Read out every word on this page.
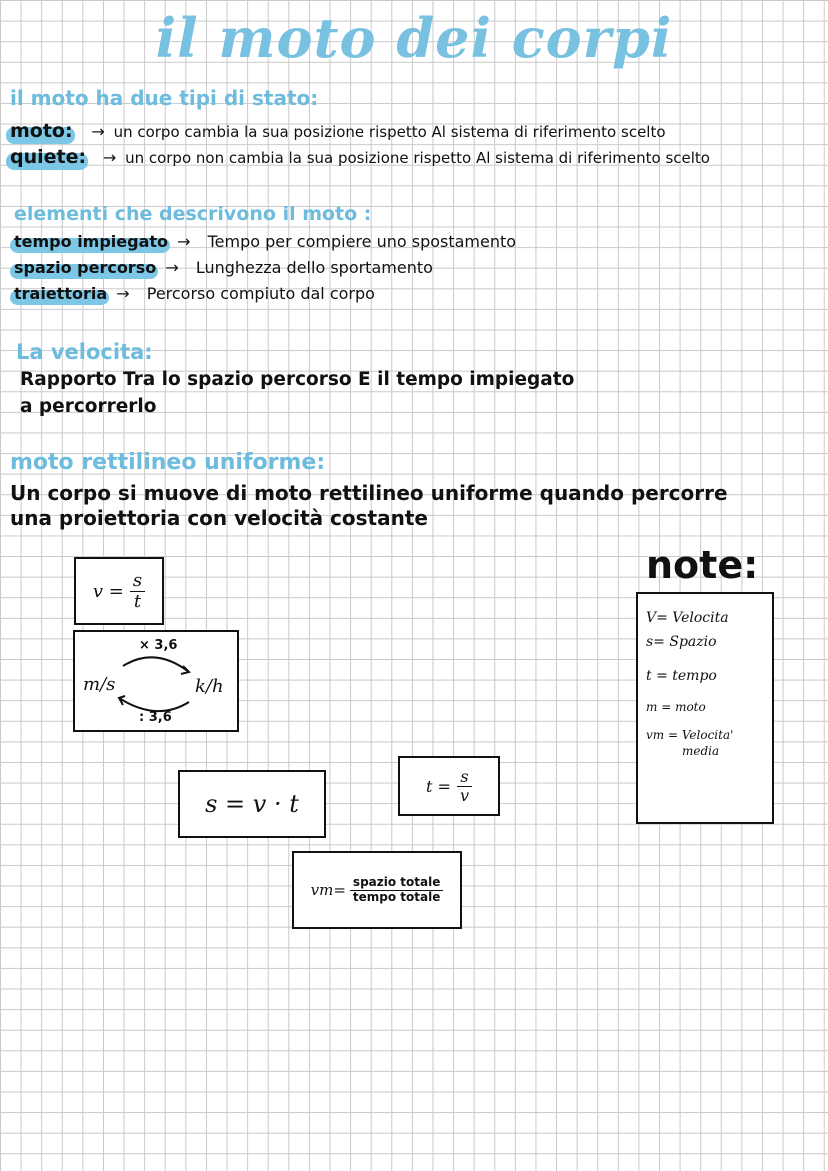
il moto dei corpi
il moto ha due tipi di stato:
moto: → un corpo cambia la sua posizione rispetto Al sistema di riferimento scelto
quiete: → un corpo non cambia la sua posizione rispetto Al sistema di riferimento scelto
elementi che descrivono il moto :
tempo impiegato → Tempo per compiere uno spostamento
spazio percorso → Lunghezza dello sportamento
traiettoria → Percorso compiuto dal corpo
La velocita:
Rapporto Tra lo spazio percorso E il tempo impiegato
a percorrerlo
moto rettilineo uniforme:
Un corpo si muove di moto rettilineo uniforme quando percorre
una proiettoria con velocità costante
$v = \frac{s}{t}$
× 3,6
m/s	k/h
: 3,6
s = v · t
$t = \frac{s}{v}$
$vm= \frac{\text{spazio totale}}{\text{tempo totale}}$
note:
V= Velocita
s= Spazio
t = tempo
m = moto
vm = Velocita'
media
